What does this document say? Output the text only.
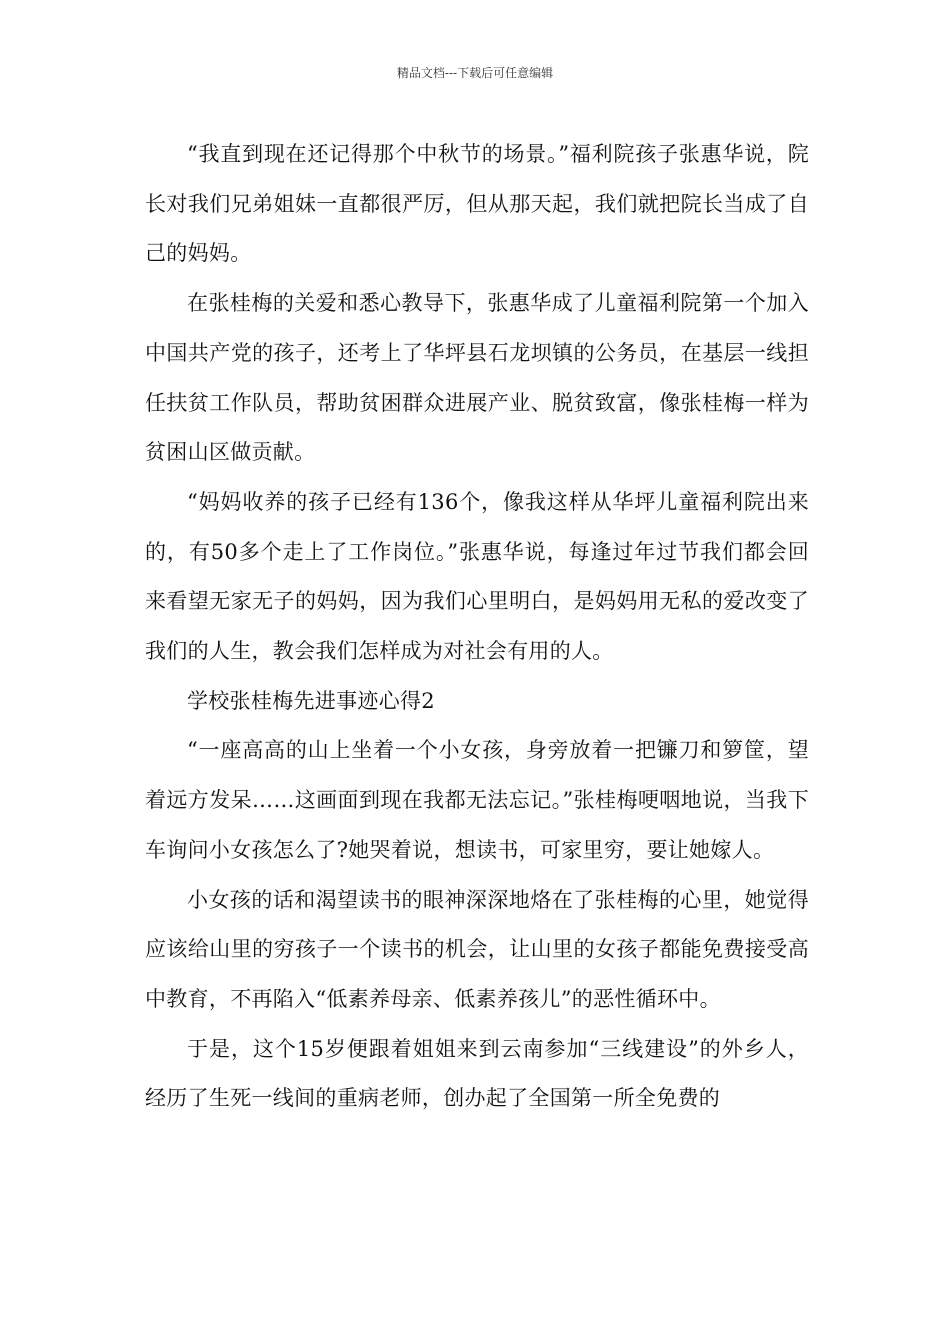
精品文档---下载后可任意编辑

“我直到现在还记得那个中秋节的场景。”福利院孩子张惠华说，院长对我们兄弟姐妹一直都很严厉，但从那天起，我们就把院长当成了自己的妈妈。

在张桂梅的关爱和悉心教导下，张惠华成了儿童福利院第一个加入中国共产党的孩子，还考上了华坪县石龙坝镇的公务员，在基层一线担任扶贫工作队员，帮助贫困群众进展产业、脱贫致富，像张桂梅一样为贫困山区做贡献。

“妈妈收养的孩子已经有136个，像我这样从华坪儿童福利院出来的，有50多个走上了工作岗位。”张惠华说，每逢过年过节我们都会回来看望无家无子的妈妈，因为我们心里明白，是妈妈用无私的爱改变了我们的人生，教会我们怎样成为对社会有用的人。

学校张桂梅先进事迹心得2

“一座高高的山上坐着一个小女孩，身旁放着一把镰刀和箩筐，望着远方发呆……这画面到现在我都无法忘记。”张桂梅哽咽地说，当我下车询问小女孩怎么了?她哭着说，想读书，可家里穷，要让她嫁人。

小女孩的话和渴望读书的眼神深深地烙在了张桂梅的心里，她觉得应该给山里的穷孩子一个读书的机会，让山里的女孩子都能免费接受高中教育，不再陷入“低素养母亲、低素养孩儿”的恶性循环中。

于是，这个15岁便跟着姐姐来到云南参加“三线建设”的外乡人，经历了生死一线间的重病老师，创办起了全国第一所全免费的
